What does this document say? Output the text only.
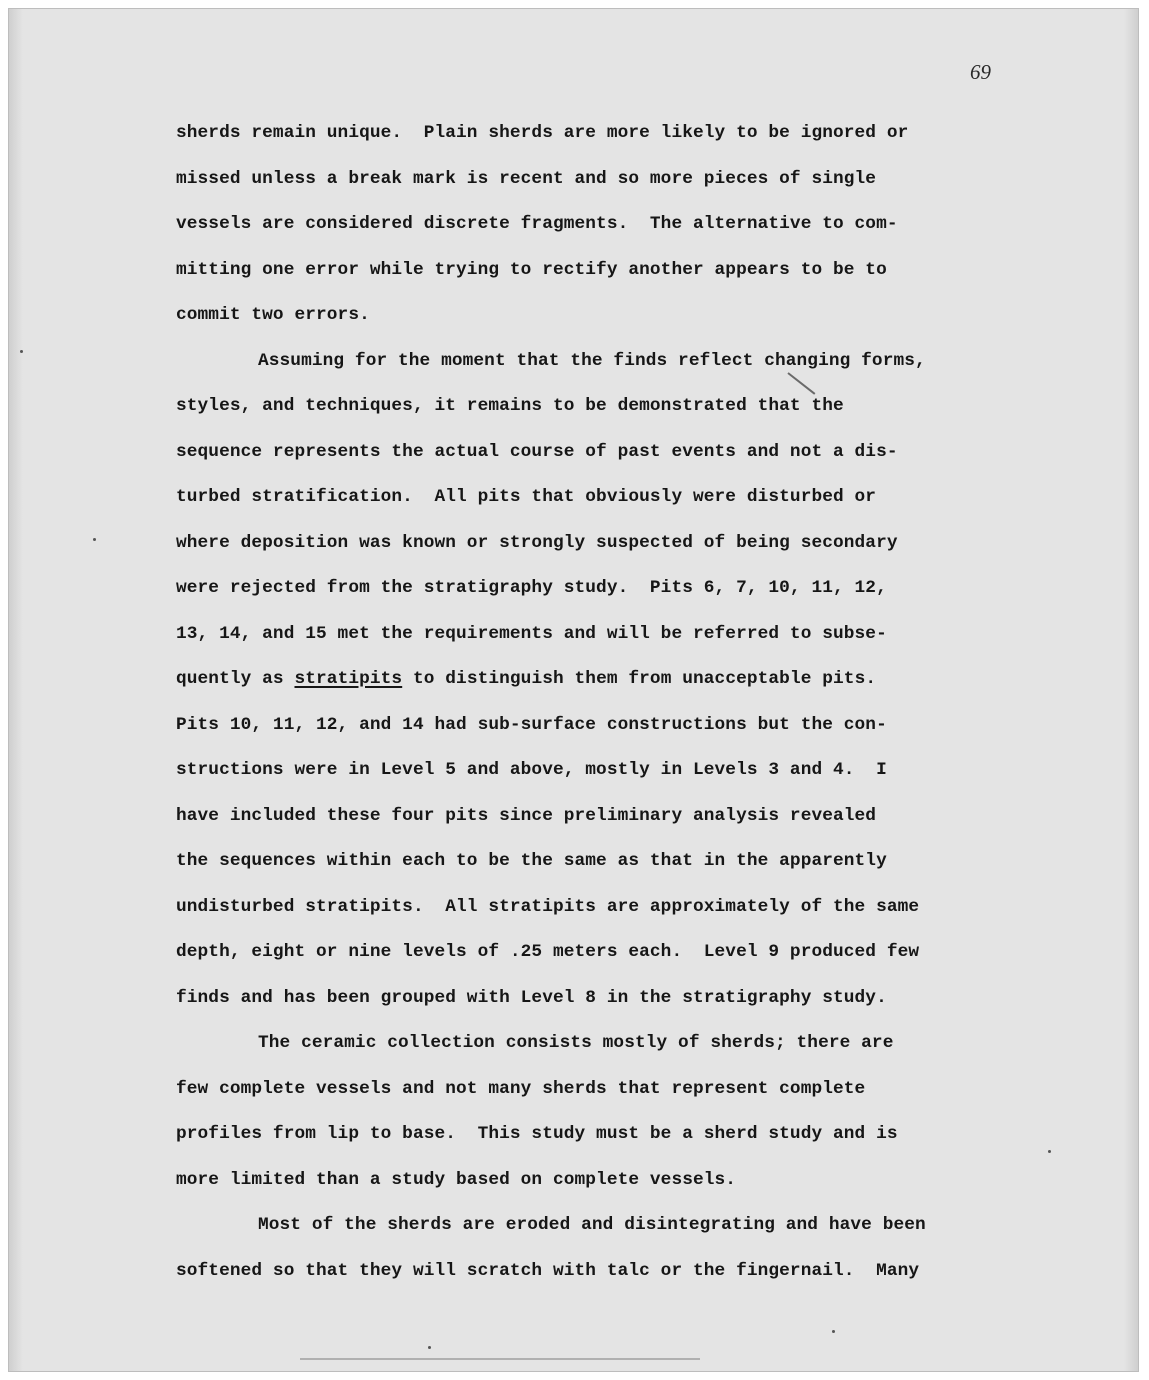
69

sherds remain unique.  Plain sherds are more likely to be ignored or

missed unless a break mark is recent and so more pieces of single

vessels are considered discrete fragments.  The alternative to com-

mitting one error while trying to rectify another appears to be to

commit two errors.

Assuming for the moment that the finds reflect changing forms,

styles, and techniques, it remains to be demonstrated that the

sequence represents the actual course of past events and not a dis-

turbed stratification.  All pits that obviously were disturbed or

where deposition was known or strongly suspected of being secondary

were rejected from the stratigraphy study.  Pits 6, 7, 10, 11, 12,

13, 14, and 15 met the requirements and will be referred to subse-

quently as stratipits to distinguish them from unacceptable pits.

Pits 10, 11, 12, and 14 had sub-surface constructions but the con-

structions were in Level 5 and above, mostly in Levels 3 and 4.  I

have included these four pits since preliminary analysis revealed

the sequences within each to be the same as that in the apparently

undisturbed stratipits.  All stratipits are approximately of the same

depth, eight or nine levels of .25 meters each.  Level 9 produced few

finds and has been grouped with Level 8 in the stratigraphy study.

The ceramic collection consists mostly of sherds; there are

few complete vessels and not many sherds that represent complete

profiles from lip to base.  This study must be a sherd study and is

more limited than a study based on complete vessels.

Most of the sherds are eroded and disintegrating and have been

softened so that they will scratch with talc or the fingernail.  Many
